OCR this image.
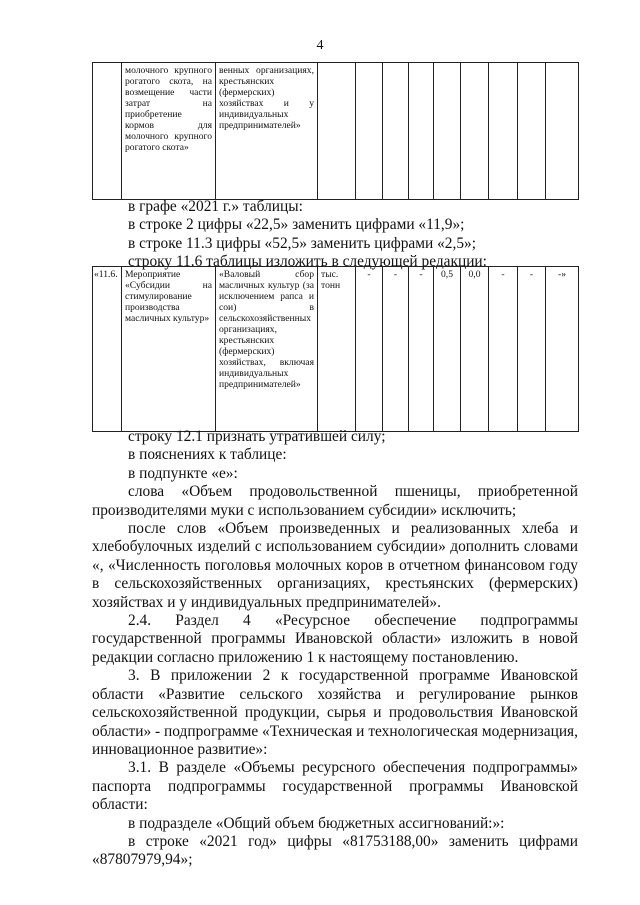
4
	молочного крупного рогатого скота, на возмещение части затрат на приобретение кормов для молочного крупного рогатого скота»	венных организациях, крестьянских (фермерских) хозяйствах и у индивидуальных предпринимателей»									

в графе «2021 г.» таблицы:

в строке 2 цифры «22,5» заменить цифрами «11,9»;

в строке 11.3 цифры «52,5» заменить цифрами «2,5»;

строку 11.6 таблицы изложить в следующей редакции:

«11.6.	Мероприятие «Субсидии на стимулирование производства масличных культур»	«Валовый сбор масличных культур (за исключением рапса и сои) в сельскохозяйственных организациях, крестьянских (фермерских) хозяйствах, включая индивидуальных предпринимателей»	тыс. тонн	-	-	-	0,5	0,0	-	-	-»

строку 12.1 признать утратившей силу;

в пояснениях к таблице:

в подпункте «е»:

слова «Объем продовольственной пшеницы, приобретенной производителями муки с использованием субсидии» исключить;

после слов «Объем произведенных и реализованных хлеба и хлебобулочных изделий с использованием субсидии» дополнить словами «, «Численность поголовья молочных коров в отчетном финансовом году в сельскохозяйственных организациях, крестьянских (фермерских) хозяйствах и у индивидуальных предпринимателей».

2.4. Раздел 4 «Ресурсное обеспечение подпрограммы государственной программы Ивановской области» изложить в новой редакции согласно приложению 1 к настоящему постановлению.

3. В приложении 2 к государственной программе Ивановской области «Развитие сельского хозяйства и регулирование рынков сельскохозяйственной продукции, сырья и продовольствия Ивановской области» - подпрограмме «Техническая и технологическая модернизация, инновационное развитие»:

3.1. В разделе «Объемы ресурсного обеспечения подпрограммы» паспорта подпрограммы государственной программы Ивановской области:

в подразделе «Общий объем бюджетных ассигнований:»:

в строке «2021 год» цифры «81753188,00» заменить цифрами «87807979,94»;
